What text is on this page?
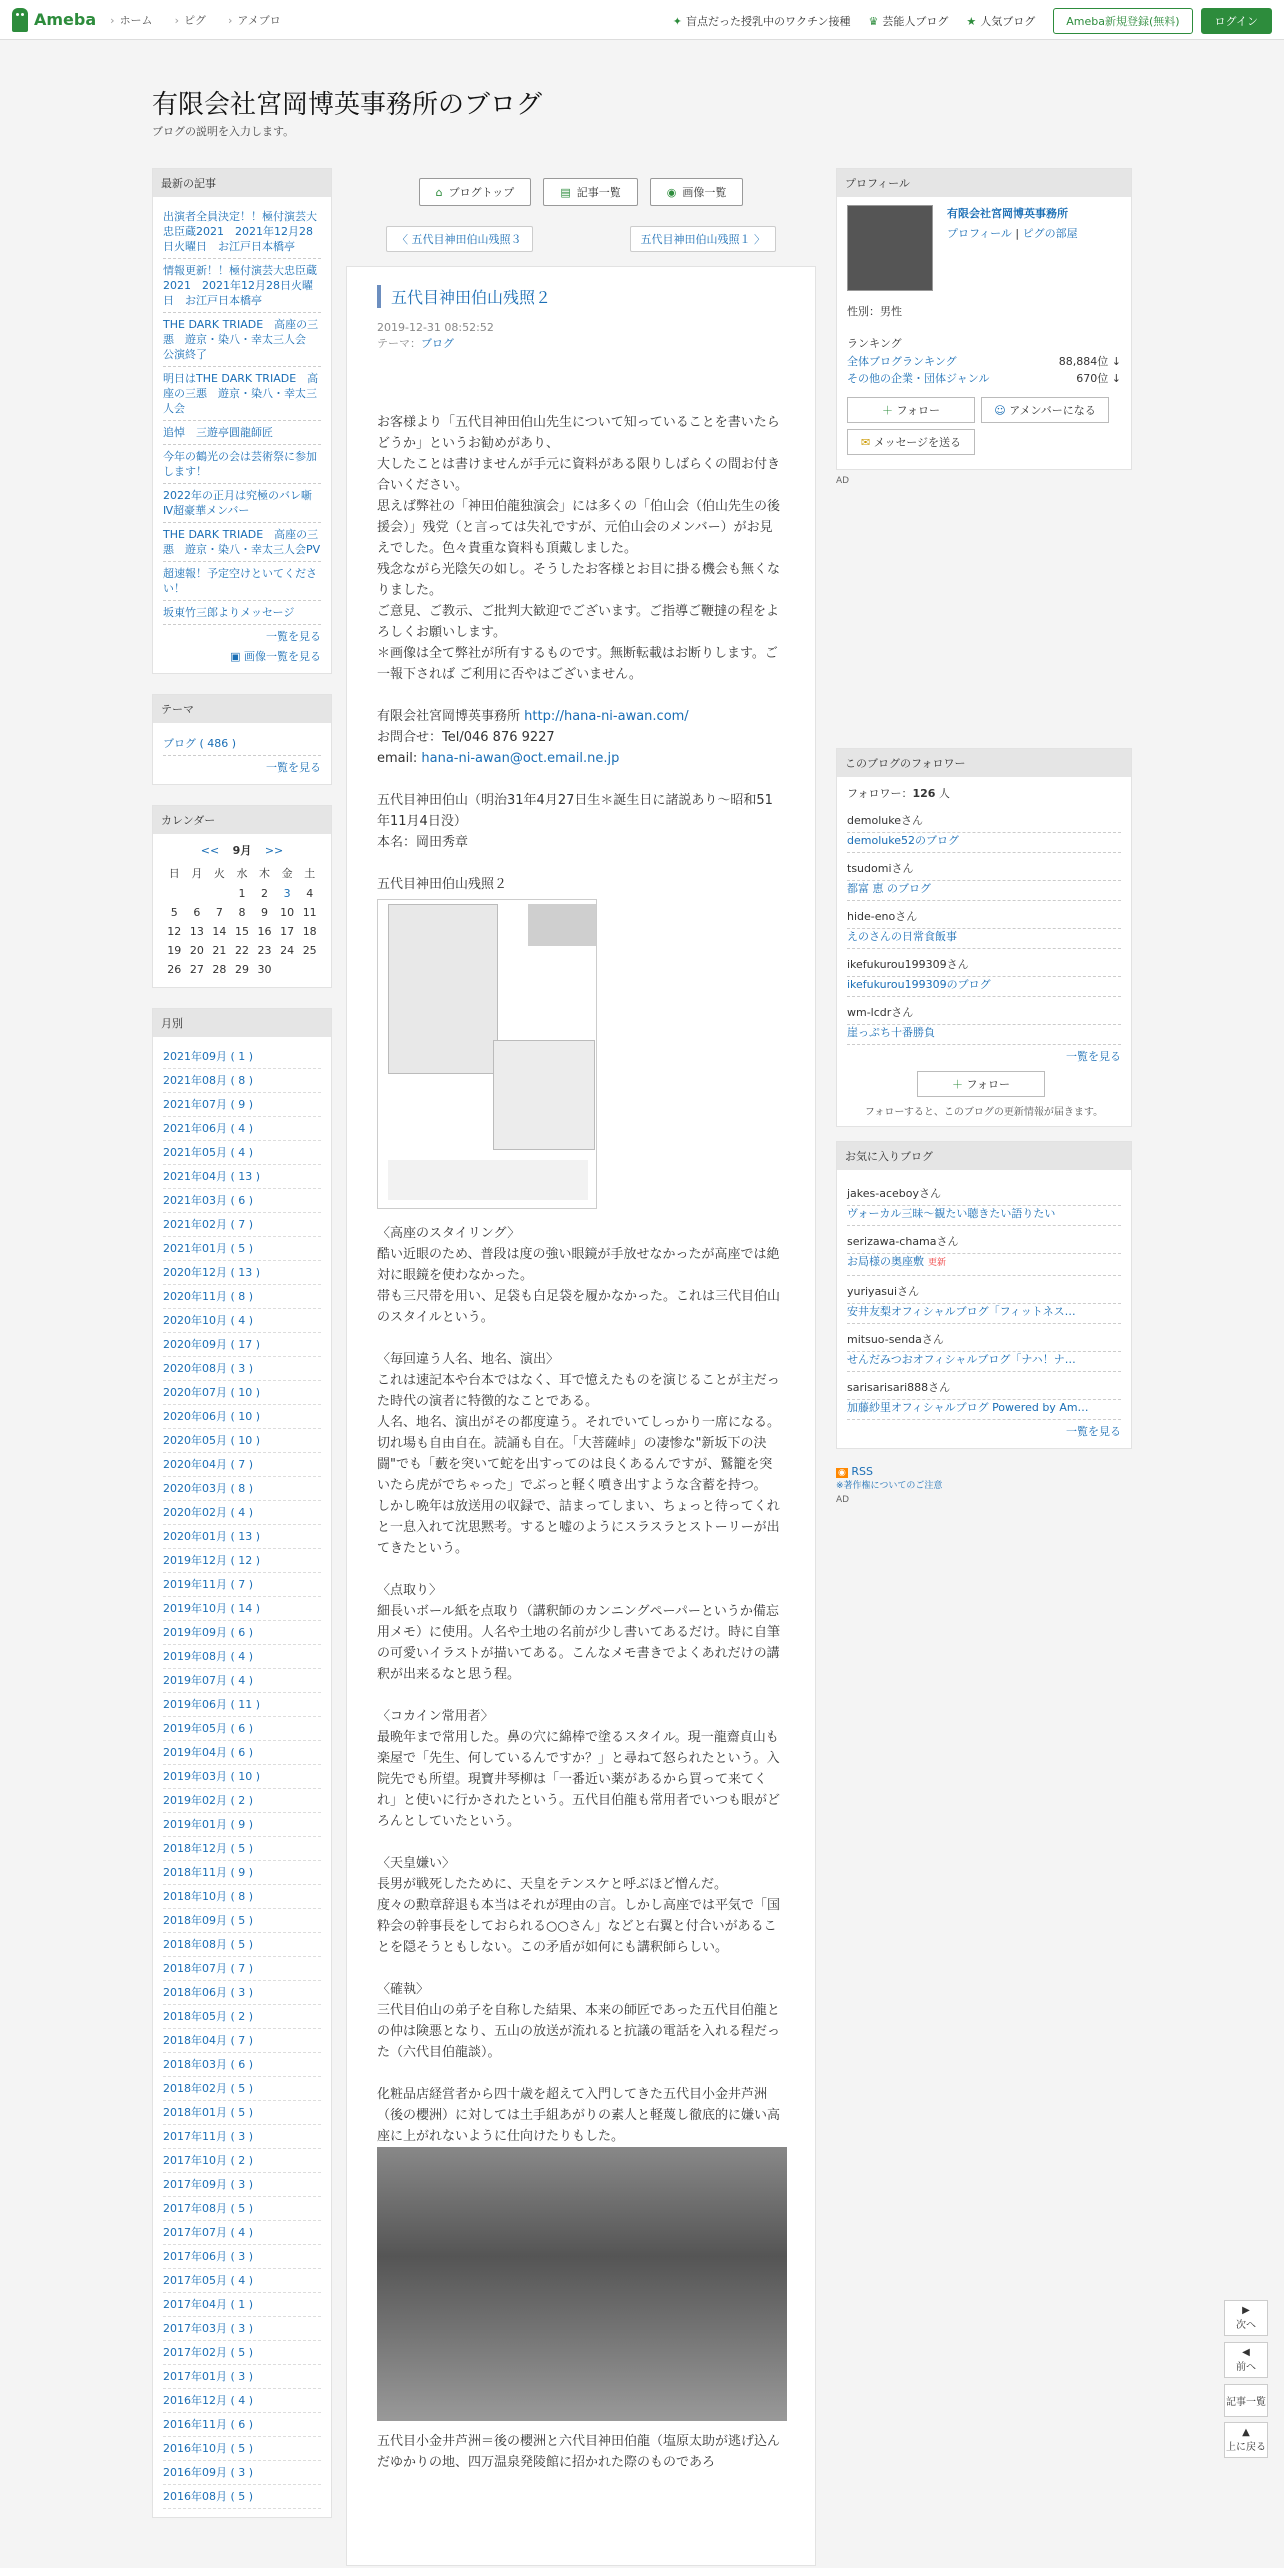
Ameba	› ホーム	› ピグ	› アメブロ	✦ 盲点だった授乳中のワクチン接種 ♛ 芸能人ブログ ★ 人気ブログ	Ameba新規登録(無料)	ログイン
有限会社宮岡博英事務所のブログ
ブログの説明を入力します。
最新の記事
出演者全員決定！！極付演芸大忠臣蔵2021　2021年12月28日火曜日　お江戸日本橋亭
情報更新！！極付演芸大忠臣蔵2021　2021年12月28日火曜日　お江戸日本橋亭
THE DARK TRIADE　高座の三悪　遊京・染八・幸太三人会　公演終了
明日はTHE DARK TRIADE　高座の三悪　遊京・染八・幸太三人会
追悼　三遊亭圓龍師匠
今年の鶴光の会は芸術祭に参加します！
2022年の正月は究極のバレ噺Ⅳ超豪華メンバー
THE DARK TRIADE　高座の三悪　遊京・染八・幸太三人会PV
超速報！予定空けといてください！
坂東竹三郎よりメッセージ
一覧を見る
▣ 画像一覧を見る
テーマ
ブログ ( 486 )
一覧を見る
カレンダー
<< 9月 >>
日	月	火	水	木	金	土
			1	2	3	4
5	6	7	8	9	10	11
12	13	14	15	16	17	18
19	20	21	22	23	24	25
26	27	28	29	30		
月別
2021年09月 ( 1 )
2021年08月 ( 8 )
2021年07月 ( 9 )
2021年06月 ( 4 )
2021年05月 ( 4 )
2021年04月 ( 13 )
2021年03月 ( 6 )
2021年02月 ( 7 )
2021年01月 ( 5 )
2020年12月 ( 13 )
2020年11月 ( 8 )
2020年10月 ( 4 )
2020年09月 ( 17 )
2020年08月 ( 3 )
2020年07月 ( 10 )
2020年06月 ( 10 )
2020年05月 ( 10 )
2020年04月 ( 7 )
2020年03月 ( 8 )
2020年02月 ( 4 )
2020年01月 ( 13 )
2019年12月 ( 12 )
2019年11月 ( 7 )
2019年10月 ( 14 )
2019年09月 ( 6 )
2019年08月 ( 4 )
2019年07月 ( 4 )
2019年06月 ( 11 )
2019年05月 ( 6 )
2019年04月 ( 6 )
2019年03月 ( 10 )
2019年02月 ( 2 )
2019年01月 ( 9 )
2018年12月 ( 5 )
2018年11月 ( 9 )
2018年10月 ( 8 )
2018年09月 ( 5 )
2018年08月 ( 5 )
2018年07月 ( 7 )
2018年06月 ( 3 )
2018年05月 ( 2 )
2018年04月 ( 7 )
2018年03月 ( 6 )
2018年02月 ( 5 )
2018年01月 ( 5 )
2017年11月 ( 3 )
2017年10月 ( 2 )
2017年09月 ( 3 )
2017年08月 ( 5 )
2017年07月 ( 4 )
2017年06月 ( 3 )
2017年05月 ( 4 )
2017年04月 ( 1 )
2017年03月 ( 3 )
2017年02月 ( 5 )
2017年01月 ( 3 )
2016年12月 ( 4 )
2016年11月 ( 6 )
2016年10月 ( 5 )
2016年09月 ( 3 )
2016年08月 ( 5 )
⌂ ブログトップ	▤ 記事一覧	◉ 画像一覧
〈 五代目神田伯山残照３	五代目神田伯山残照１ 〉
五代目神田伯山残照２
2019-12-31 08:52:52
テーマ：ブログ

お客様より「五代目神田伯山先生について知っていることを書いたらどうか」というお勧めがあり、
大したことは書けませんが手元に資料がある限りしばらくの間お付き合いください。
思えば弊社の「神田伯龍独演会」には多くの「伯山会（伯山先生の後援会）」残党（と言っては失礼ですが、元伯山会のメンバー）がお見えでした。色々貴重な資料も頂戴しました。
残念ながら光陰矢の如し。そうしたお客様とお目に掛る機会も無くなりました。
ご意見、ご教示、ご批判大歓迎でございます。ご指導ご鞭撻の程をよろしくお願いします。
＊画像は全て弊社が所有するものです。無断転載はお断りします。ご一報下されば ご利用に否やはございません。

有限会社宮岡博英事務所 http://hana-ni-awan.com/
お問合せ：Tel/046 876 9227
email: hana-ni-awan@oct.email.ne.jp

五代目神田伯山（明治31年4月27日生＊誕生日に諸説あり～昭和51年11月4日没）
本名：岡田秀章

五代目神田伯山残照２

〈高座のスタイリング〉
酷い近眼のため、普段は度の強い眼鏡が手放せなかったが高座では絶対に眼鏡を使わなかった。
帯も三尺帯を用い、足袋も白足袋を履かなかった。これは三代目伯山のスタイルという。

〈毎回違う人名、地名、演出〉
これは速記本や台本ではなく、耳で憶えたものを演じることが主だった時代の演者に特徴的なことである。
人名、地名、演出がその都度違う。それでいてしっかり一席になる。切れ場も自由自在。読誦も自在。「大菩薩峠」の凄惨な"新坂下の決闘"でも「藪を突いて蛇を出すってのは良くあるんですが、鷲籠を突いたら虎がでちゃった」でぶっと軽く噴き出すような含蓄を持つ。
しかし晩年は放送用の収録で、詰まってしまい、ちょっと待ってくれと一息入れて沈思黙考。すると嘘のようにスラスラとストーリーが出てきたという。

〈点取り〉
細長いボール紙を点取り（講釈師のカンニングペーパーというか備忘用メモ）に使用。人名や土地の名前が少し書いてあるだけ。時に自筆の可愛いイラストが描いてある。こんなメモ書きでよくあれだけの講釈が出来るなと思う程。

〈コカイン常用者〉
最晩年まで常用した。鼻の穴に綿棒で塗るスタイル。現一龍齋貞山も楽屋で「先生、何しているんですか？」と尋ねて怒られたという。入院先でも所望。現寶井琴柳は「一番近い薬があるから買って来てくれ」と使いに行かされたという。五代目伯龍も常用者でいつも眼がどろんとしていたという。

〈天皇嫌い〉
長男が戦死したために、天皇をテンスケと呼ぶほど憎んだ。
度々の勲章辞退も本当はそれが理由の言。しかし高座では平気で「国粋会の幹事長をしておられる○○さん」などと右翼と付合いがあることを隠そうともしない。この矛盾が如何にも講釈師らしい。

〈確執〉
三代目伯山の弟子を自称した結果、本来の師匠であった五代目伯龍との仲は険悪となり、五山の放送が流れると抗議の電話を入れる程だった（六代目伯龍談）。

化粧品店経営者から四十歳を超えて入門してきた五代目小金井芦洲（後の櫻洲）に対しては土手組あがりの素人と軽蔑し徹底的に嫌い高座に上がれないように仕向けたりもした。
五代目小金井芦洲＝後の櫻洲と六代目神田伯龍（塩原太助が逃げ込んだゆかりの地、四万温泉発陵館に招かれた際のものであろ
プロフィール
有限会社宮岡博英事務所
プロフィール | ピグの部屋
性別：男性
ランキング
全体ブログランキング	88,884位 ↓
その他の企業・団体ジャンル	670位 ↓
＋ フォロー	☺ アメンバーになる
✉ メッセージを送る
AD
このブログのフォロワー
フォロワー：126 人
demolukeさん
demoluke52のブログ
tsudomiさん
都富 恵 のブログ
hide-enoさん
えのさんの日常食飯事
ikefukurou199309さん
ikefukurou199309のブログ
wm-lcdrさん
崖っぷち十番勝負
一覧を見る
＋ フォロー
フォローすると、このブログの更新情報が届きます。
お気に入りブログ
jakes-aceboyさん
ヴォーカル三昧～観たい聴きたい語りたい
serizawa-chamaさん
お局様の奥座敷 更新
yuriyasuiさん
安井友梨オフィシャルブログ「フィットネス…
mitsuo-sendaさん
せんだみつおオフィシャルブログ「ナハ！ナ…
sarisarisari888さん
加藤紗里オフィシャルブログ Powered by Am…
一覧を見る
◉ RSS
※著作権についてのご注意
AD
▶
次へ
◀
前へ
記事一覧
▲
上に戻る
